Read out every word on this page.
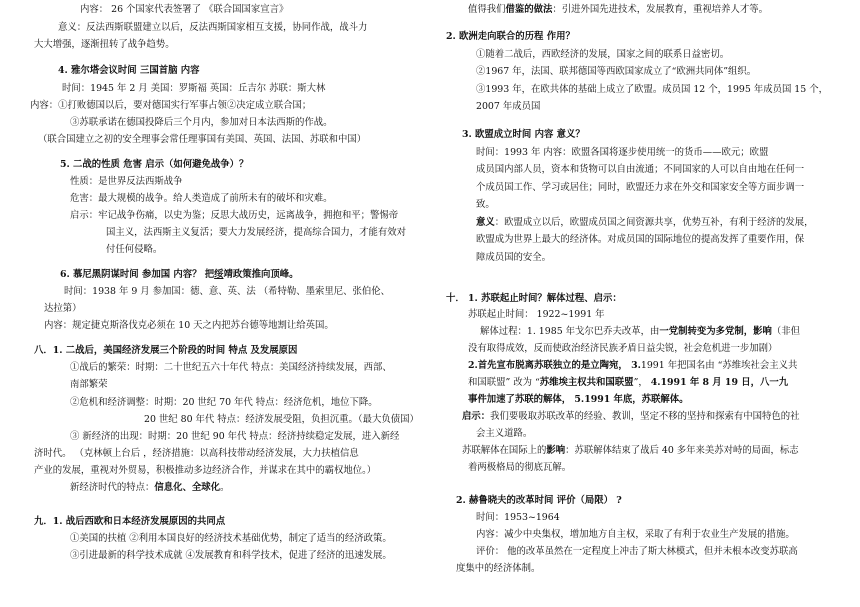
内容： 26 个国家代表签署了 《联合国国家宣言》
意义：反法西斯联盟建立以后，反法西斯国家相互支援，协同作战，战斗力
大大增强，逐渐扭转了战争趋势。
4. 雅尔塔会议时间 三国首脑 内容
时间：1945 年 2 月 美国：罗斯福 英国：丘吉尔 苏联：斯大林
内容：①打败德国以后，要对德国实行军事占领②决定成立联合国；
③苏联承诺在德国投降后三个月内，参加对日本法西斯的作战。
（联合国建立之初的安全理事会常任理事国有美国、英国、法国、苏联和中国）
5. 二战的性质 危害 启示（如何避免战争）？
性质：是世界反法西斯战争
危害：最大规模的战争。给人类造成了前所未有的破坏和灾难。
启示：牢记战争伤痛，以史为鉴；反思大战历史，远离战争，拥抱和平；警惕帝
国主义，法西斯主义复活；要大力发展经济，提高综合国力，才能有效对
付任何侵略。
6. 慕尼黑阴谋时间 参加国 内容？ 把绥靖政策推向顶峰。
时间：1938 年 9 月 参加国：德、意、英、法 （希特勒、墨索里尼、张伯伦、
达拉第）
内容：规定捷克斯洛伐克必须在 10 天之内把苏台德等地割让给英国。
八．1. 二战后，美国经济发展三个阶段的时间 特点 及发展原因
①战后的繁荣：时期：二十世纪五六十年代 特点：美国经济持续发展，西部、
南部繁荣
②危机和经济调整：时期：20 世纪 70 年代 特点：经济危机，地位下降。
20 世纪 80 年代 特点：经济发展受阻，负担沉重。（最大负债国）
③ 新经济的出现：时期：20 世纪 90 年代 特点：经济持续稳定发展，进入新经
济时代。 （克林顿上台后 ，经济措施：以高科技带动经济发展，大力扶植信息
产业的发展，重视对外贸易，积极推动多边经济合作，并谋求在其中的霸权地位。）
新经济时代的特点：信息化、全球化。
九．1. 战后西欧和日本经济发展原因的共同点
①美国的扶植 ②利用本国良好的经济技术基础优势，制定了适当的经济政策。
③引进最新的科学技术成就 ④发展教育和科学技术，促进了经济的迅速发展。
值得我们借鉴的做法：引进外国先进技术，发展教育，重视培养人才等。
2. 欧洲走向联合的历程 作用？
①随着二战后，西欧经济的发展，国家之间的联系日益密切。
②1967 年，法国、联邦德国等西欧国家成立了“欧洲共同体”组织。
③1993 年，在欧共体的基础上成立了欧盟。成员国 12 个，1995 年成员国 15 个，
2007 年成员国
3. 欧盟成立时间 内容 意义？
时间：1993 年 内容：欧盟各国将逐步使用统一的货币——欧元；欧盟
成员国内部人员，资本和货物可以自由流通；不同国家的人可以自由地在任何一
个成员国工作、学习或居住；同时，欧盟还力求在外交和国家安全等方面步调一
致。
意义：欧盟成立以后，欧盟成员国之间资源共享，优势互补，有利于经济的发展，
欧盟成为世界上最大的经济体。对成员国的国际地位的提高发挥了重要作用，保
障成员国的安全。
十． 1. 苏联起止时间？解体过程、启示：
苏联起止时间： 1922~1991 年
解体过程：1. 1985 年戈尔巴乔夫改革，由一党制转变为多党制，影响（非但
没有取得成效，反而使政治经济民族矛盾日益尖锐，社会危机进一步加剧）
2.首先宣布脱离苏联独立的是立陶宛， 3.1991 年把国名由 “苏维埃社会主义共
和国联盟” 改为 “苏维埃主权共和国联盟”， 4.1991 年 8 月 19 日，八一九
事件加速了苏联的解体， 5.1991 年底，苏联解体。
启示：我们要吸取苏联改革的经验、教训，坚定不移的坚持和探索有中国特色的社
会主义道路。
苏联解体在国际上的影响：苏联解体结束了战后 40 多年来美苏对峙的局面，标志
着两极格局的彻底瓦解。
2. 赫鲁晓夫的改革时间 评价（局限） ?
时间：1953~1964
内容：减少中央集权，增加地方自主权，采取了有利于农业生产发展的措施。
评价： 他的改革虽然在一定程度上冲击了斯大林模式，但并未根本改变苏联高
度集中的经济体制。
